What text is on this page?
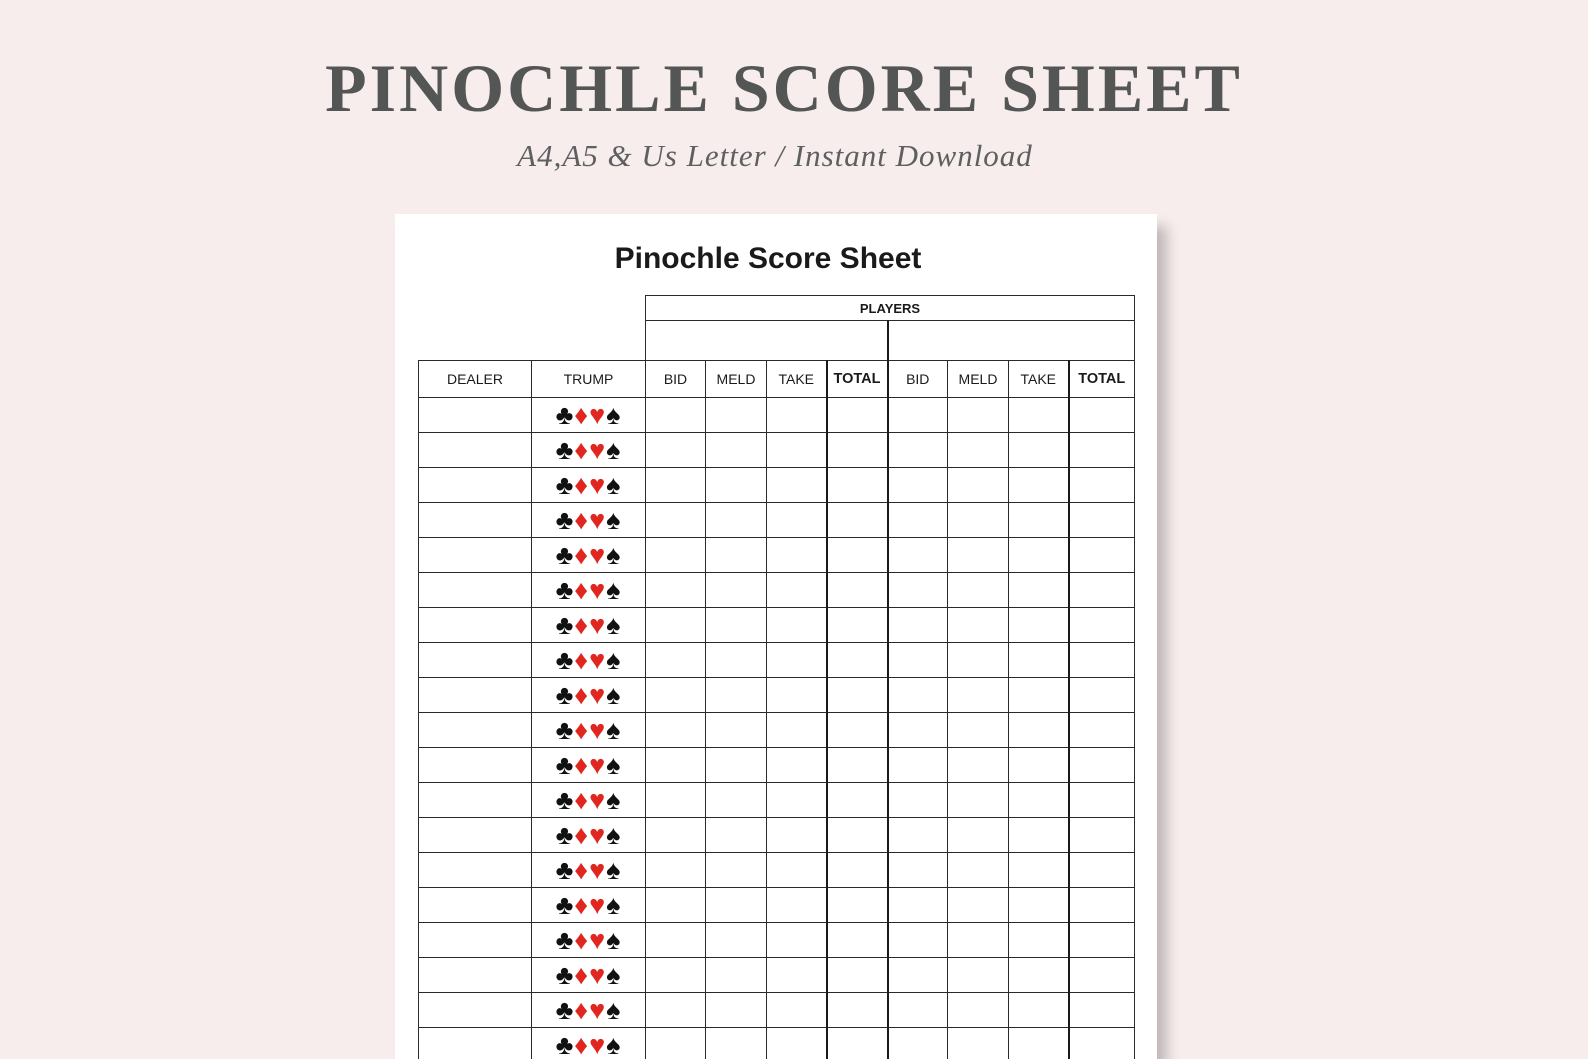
PINOCHLE SCORE SHEET
A4,A5 & Us Letter / Instant Download
Pinochle Score Sheet
		PLAYERS							

DEALER	TRUMP	BID	MELD	TAKE	TOTAL	BID	MELD	TAKE	TOTAL
	♣♦♥♠								
	♣♦♥♠								
	♣♦♥♠								
	♣♦♥♠								
	♣♦♥♠								
	♣♦♥♠								
	♣♦♥♠								
	♣♦♥♠								
	♣♦♥♠								
	♣♦♥♠								
	♣♦♥♠								
	♣♦♥♠								
	♣♦♥♠								
	♣♦♥♠								
	♣♦♥♠								
	♣♦♥♠								
	♣♦♥♠								
	♣♦♥♠								
	♣♦♥♠								
